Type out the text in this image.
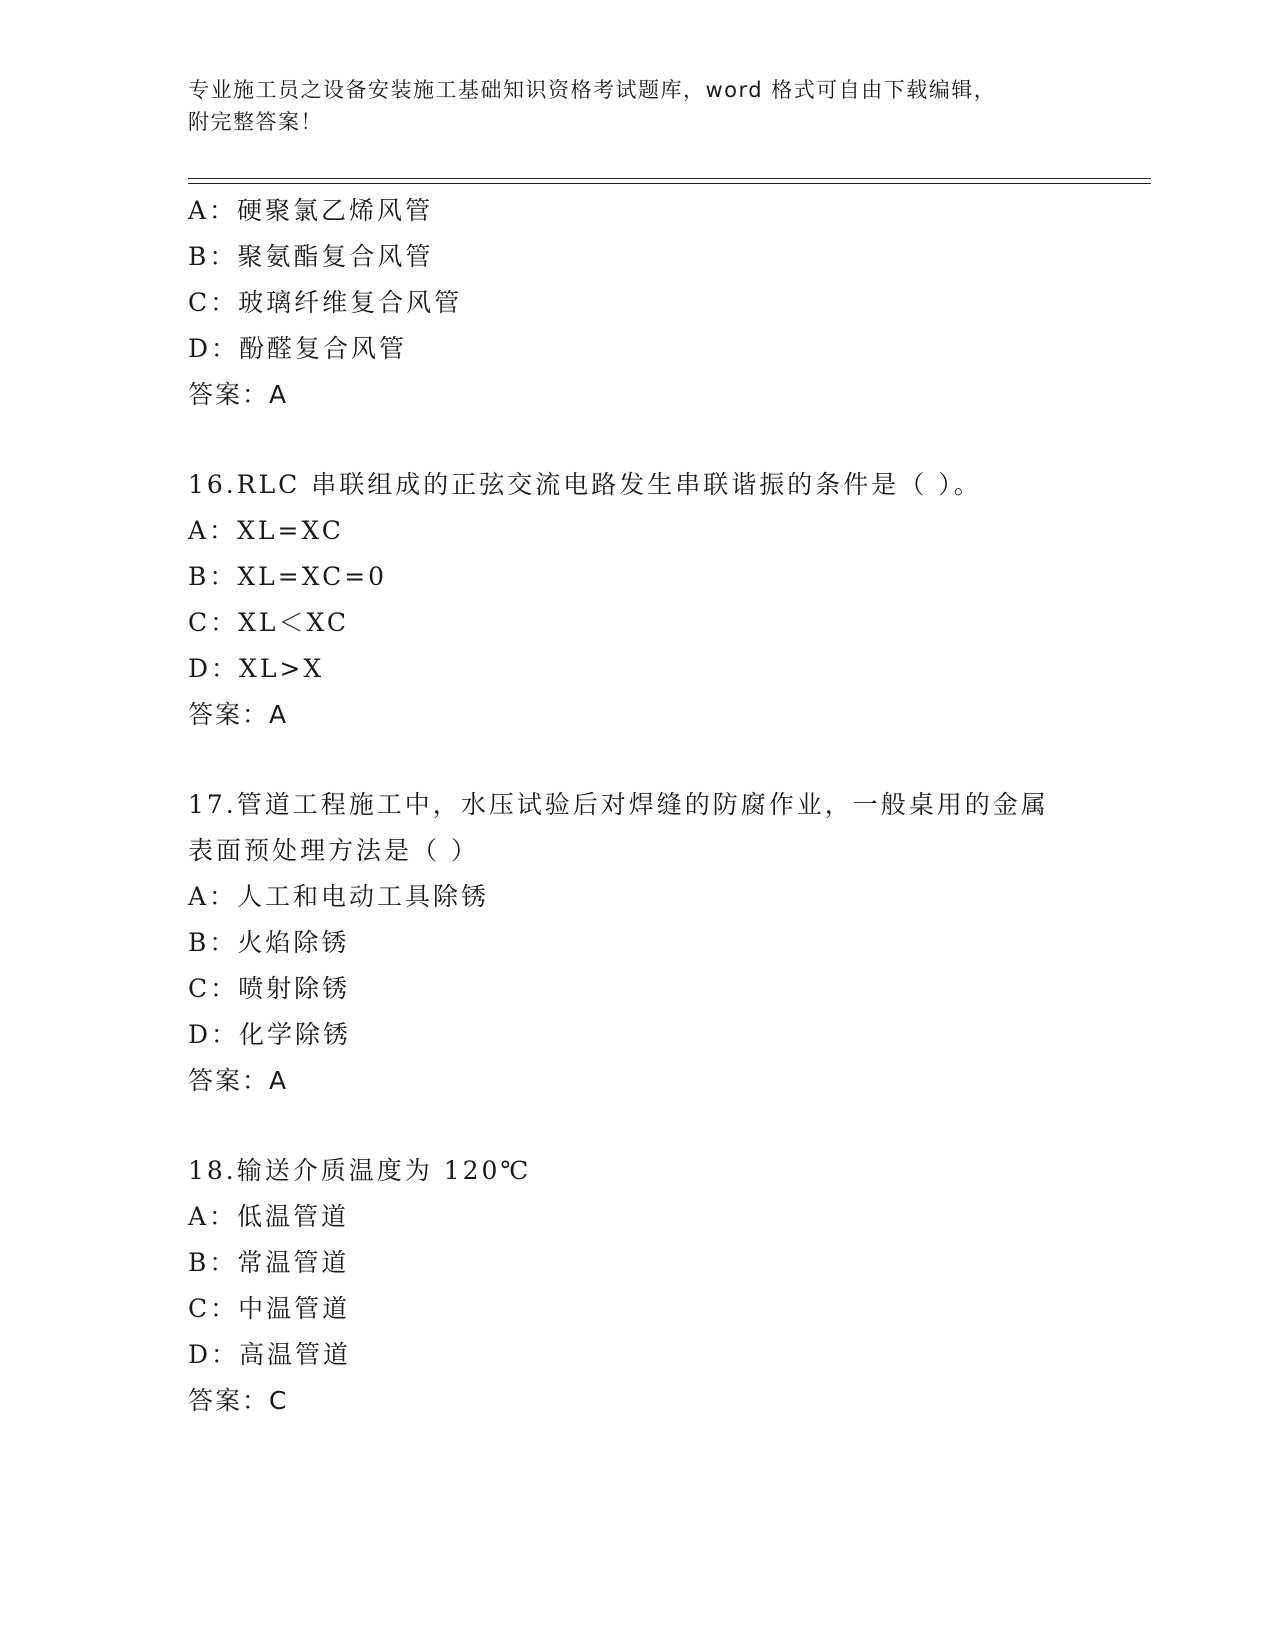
专业施工员之设备安装施工基础知识资格考试题库，word 格式可自由下载编辑，
附完整答案！
A：硬聚氯乙烯风管
B：聚氨酯复合风管
C：玻璃纤维复合风管
D：酚醛复合风管
答案：A
16.RLC 串联组成的正弦交流电路发生串联谐振的条件是（ ）。
A：XL=XC
B：XL=XC=0
C：XL＜XC
D：XL>X
答案：A
17.管道工程施工中，水压试验后对焊缝的防腐作业，一般桌用的金属
表面预处理方法是（ ）
A：人工和电动工具除锈
B：火焰除锈
C：喷射除锈
D：化学除锈
答案：A
18.输送介质温度为 120℃
A：低温管道
B：常温管道
C：中温管道
D：高温管道
答案：C
